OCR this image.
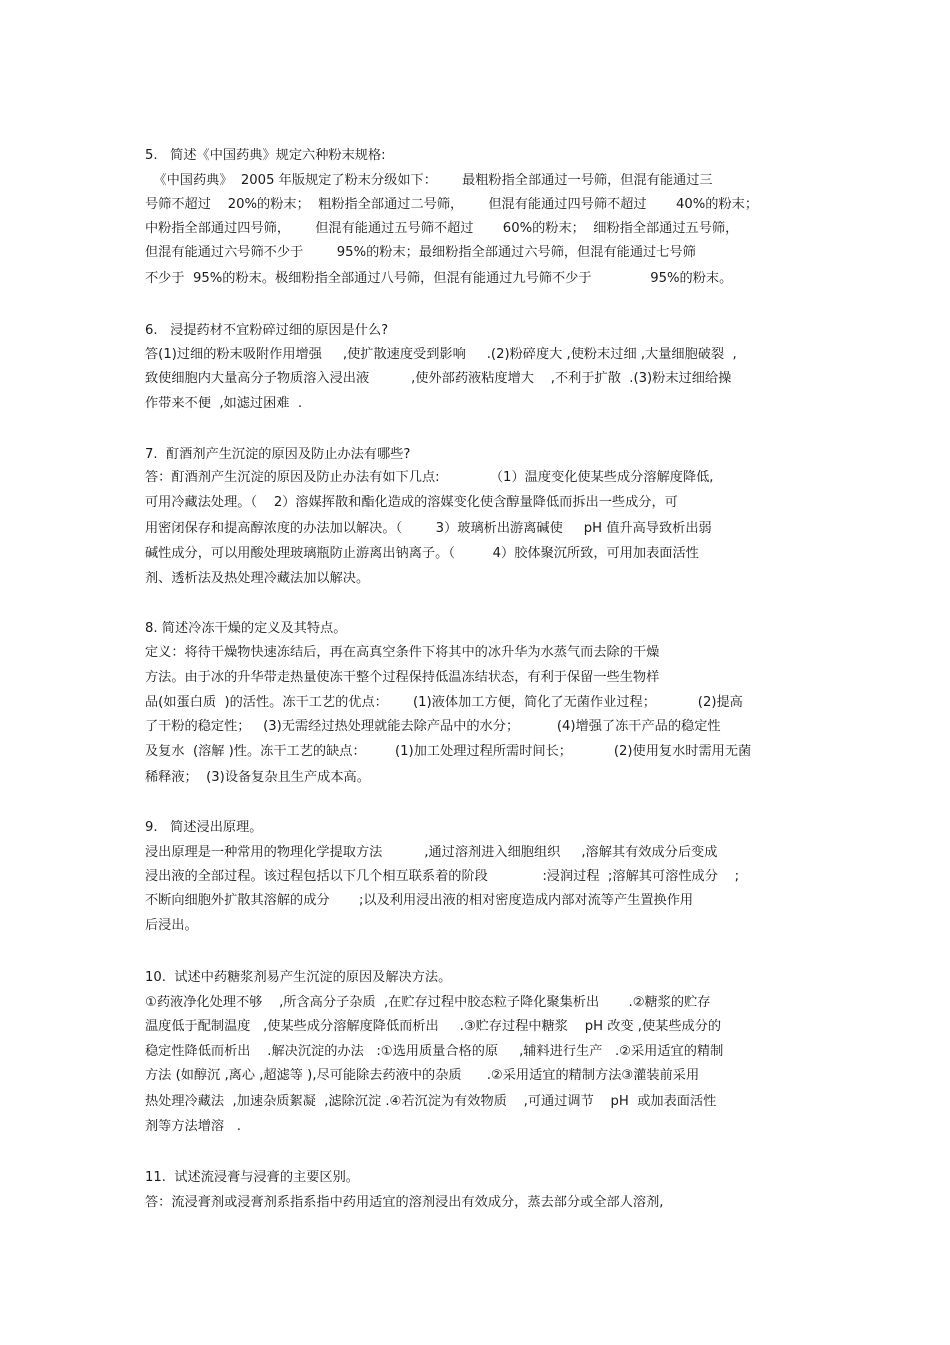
5.   简述《中国药典》规定六种粉末规格:
《中国药典》  2005 年版规定了粉末分级如下：      最粗粉指全部通过一号筛，但混有能通过三
号筛不超过    20%的粉末；  粗粉指全部通过二号筛，      但混有能通过四号筛不超过       40%的粉末；
中粉指全部通过四号筛，      但混有能通过五号筛不超过       60%的粉末；  细粉指全部通过五号筛，
但混有能通过六号筛不少于        95%的粉末；最细粉指全部通过六号筛，但混有能通过七号筛
不少于  95%的粉末。极细粉指全部通过八号筛，但混有能通过九号筛不少于              95%的粉末。
6.   浸提药材不宜粉碎过细的原因是什么?
答(1)过细的粉末吸附作用增强     ,使扩散速度受到影响     .(2)粉碎度大 ,使粉末过细 ,大量细胞破裂  ,
致使细胞内大量高分子物质溶入浸出液          ,使外部药液粘度增大    ,不利于扩散  .(3)粉末过细给操
作带来不便  ,如滤过困难  .
7.  酊酒剂产生沉淀的原因及防止办法有哪些?
答：酊酒剂产生沉淀的原因及防止办法有如下几点:            （1）温度变化使某些成分溶解度降低,
可用冷藏法处理。（    2）溶媒挥散和酯化造成的溶媒变化使含醇量降低而拆出一些成分，可
用密闭保存和提高醇浓度的办法加以解决。（        3）玻璃析出游离碱使     pH 值升高导致析出弱
碱性成分，可以用酸处理玻璃瓶防止游离出钠离子。（         4）胶体聚沉所致，可用加表面活性
剂、透析法及热处理冷藏法加以解决。
8. 简述冷冻干燥的定义及其特点。
定义：将待干燥物快速冻结后，再在高真空条件下将其中的冰升华为水蒸气而去除的干燥
方法。由于冰的升华带走热量使冻干整个过程保持低温冻结状态，有利于保留一些生物样
品(如蛋白质  )的活性。冻干工艺的优点：      (1)液体加工方便，简化了无菌作业过程；          (2)提高
了干粉的稳定性；   (3)无需经过热处理就能去除产品中的水分；         (4)增强了冻干产品的稳定性
及复水  (溶解 )性。冻干工艺的缺点：       (1)加工处理过程所需时间长；          (2)使用复水时需用无菌
稀释液；  (3)设备复杂且生产成本高。
9.   简述浸出原理。
浸出原理是一种常用的物理化学提取方法          ,通过溶剂进入细胞组织     ,溶解其有效成分后变成
浸出液的全部过程。该过程包括以下几个相互联系着的阶段             :浸润过程  ;溶解其可溶性成分    ;
不断向细胞外扩散其溶解的成分       ;以及利用浸出液的相对密度造成内部对流等产生置换作用
后浸出。
10.  试述中药糖浆剂易产生沉淀的原因及解决方法。
①药液净化处理不够    ,所含高分子杂质  ,在贮存过程中胶态粒子降化聚集析出       .②糖浆的贮存
温度低于配制温度   ,使某些成分溶解度降低而析出     .③贮存过程中糖浆    pH 改变 ,使某些成分的
稳定性降低而析出    .解决沉淀的办法   :①选用质量合格的原     ,辅料进行生产   .②采用适宜的精制
方法 (如醇沉 ,离心 ,超滤等 ),尽可能除去药液中的杂质      .②采用适宜的精制方法③灌装前采用
热处理冷藏法  ,加速杂质絮凝  ,滤除沉淀 .④若沉淀为有效物质    ,可通过调节    pH  或加表面活性
剂等方法增溶   .
11.  试述流浸膏与浸膏的主要区别。
答：流浸膏剂或浸膏剂系指系指中药用适宜的溶剂浸出有效成分，蒸去部分或全部人溶剂,
